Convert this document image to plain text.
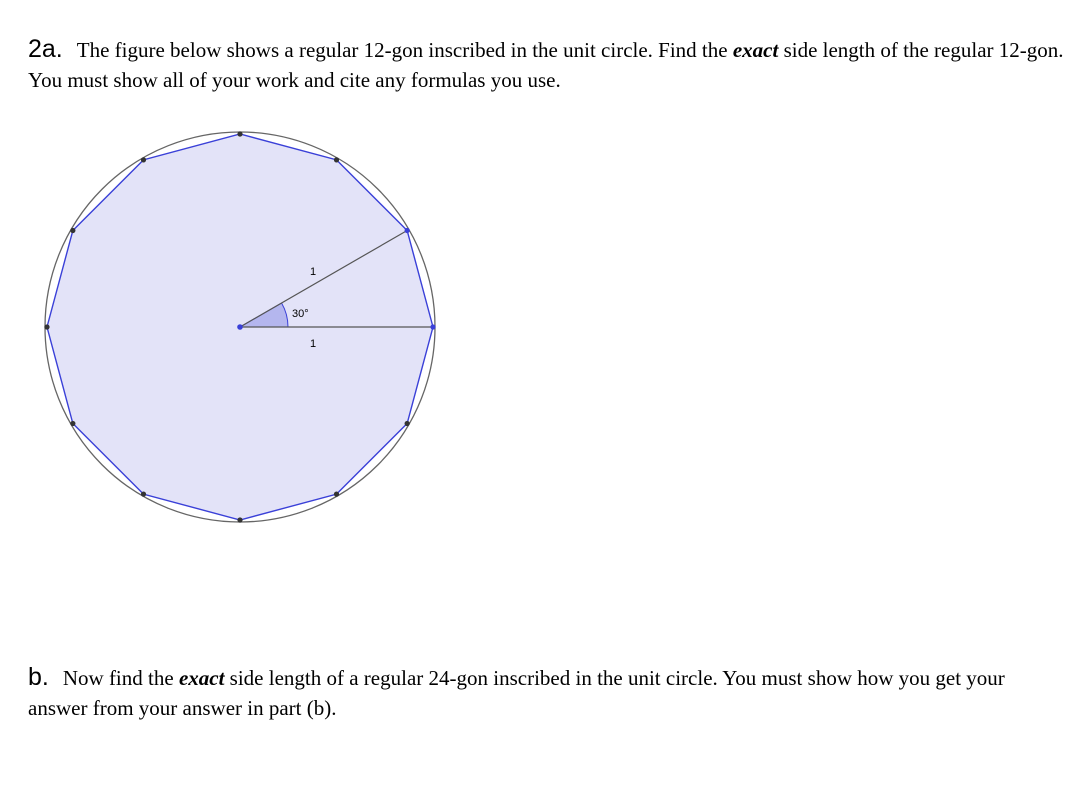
2a. The figure below shows a regular 12-gon inscribed in the unit circle. Find the exact side length of the regular 12-gon. You must show all of your work and cite any formulas you use.

30°
1
1

b. Now find the exact side length of a regular 24-gon inscribed in the unit circle. You must show how you get your answer from your answer in part (b).
